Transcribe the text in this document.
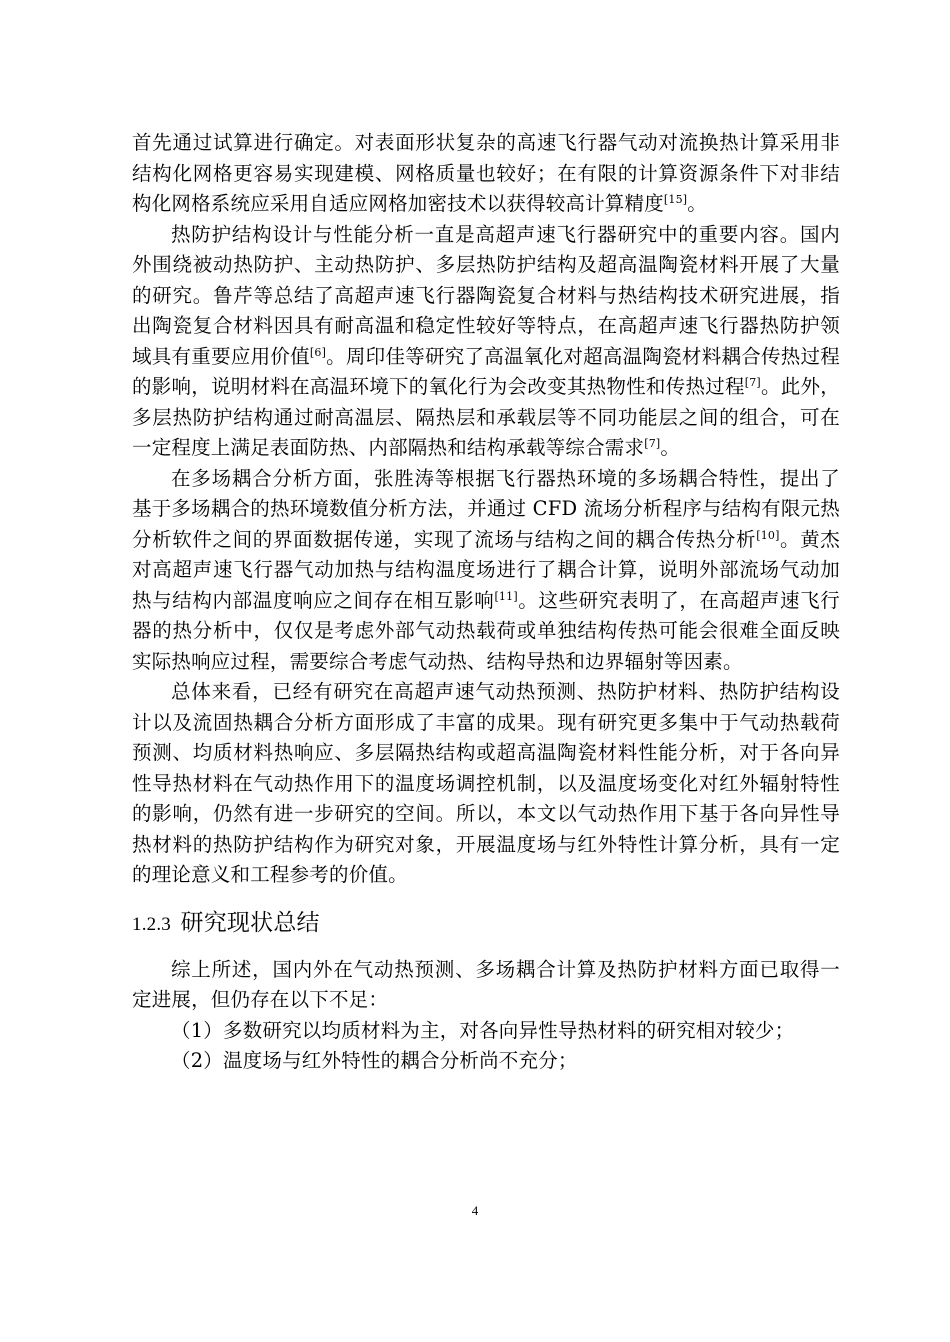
首先通过试算进行确定。对表面形状复杂的高速飞行器气动对流换热计算采用非结构化网格更容易实现建模、网格质量也较好；在有限的计算资源条件下对非结构化网格系统应采用自适应网格加密技术以获得较高计算精度[15]。

热防护结构设计与性能分析一直是高超声速飞行器研究中的重要内容。国内外围绕被动热防护、主动热防护、多层热防护结构及超高温陶瓷材料开展了大量的研究。鲁芹等总结了高超声速飞行器陶瓷复合材料与热结构技术研究进展，指出陶瓷复合材料因具有耐高温和稳定性较好等特点，在高超声速飞行器热防护领域具有重要应用价值[6]。周印佳等研究了高温氧化对超高温陶瓷材料耦合传热过程的影响，说明材料在高温环境下的氧化行为会改变其热物性和传热过程[7]。此外，多层热防护结构通过耐高温层、隔热层和承载层等不同功能层之间的组合，可在一定程度上满足表面防热、内部隔热和结构承载等综合需求[7]。

在多场耦合分析方面，张胜涛等根据飞行器热环境的多场耦合特性，提出了基于多场耦合的热环境数值分析方法，并通过 CFD 流场分析程序与结构有限元热分析软件之间的界面数据传递，实现了流场与结构之间的耦合传热分析[10]。黄杰对高超声速飞行器气动加热与结构温度场进行了耦合计算，说明外部流场气动加热与结构内部温度响应之间存在相互影响[11]。这些研究表明了，在高超声速飞行器的热分析中，仅仅是考虑外部气动热载荷或单独结构传热可能会很难全面反映实际热响应过程，需要综合考虑气动热、结构导热和边界辐射等因素。

总体来看，已经有研究在高超声速气动热预测、热防护材料、热防护结构设计以及流固热耦合分析方面形成了丰富的成果。现有研究更多集中于气动热载荷预测、均质材料热响应、多层隔热结构或超高温陶瓷材料性能分析，对于各向异性导热材料在气动热作用下的温度场调控机制，以及温度场变化对红外辐射特性的影响，仍然有进一步研究的空间。所以，本文以气动热作用下基于各向异性导热材料的热防护结构作为研究对象，开展温度场与红外特性计算分析，具有一定的理论意义和工程参考的价值。

1.2.3 研究现状总结

综上所述，国内外在气动热预测、多场耦合计算及热防护材料方面已取得一定进展，但仍存在以下不足：

（1）多数研究以均质材料为主，对各向异性导热材料的研究相对较少；

（2）温度场与红外特性的耦合分析尚不充分；

4
